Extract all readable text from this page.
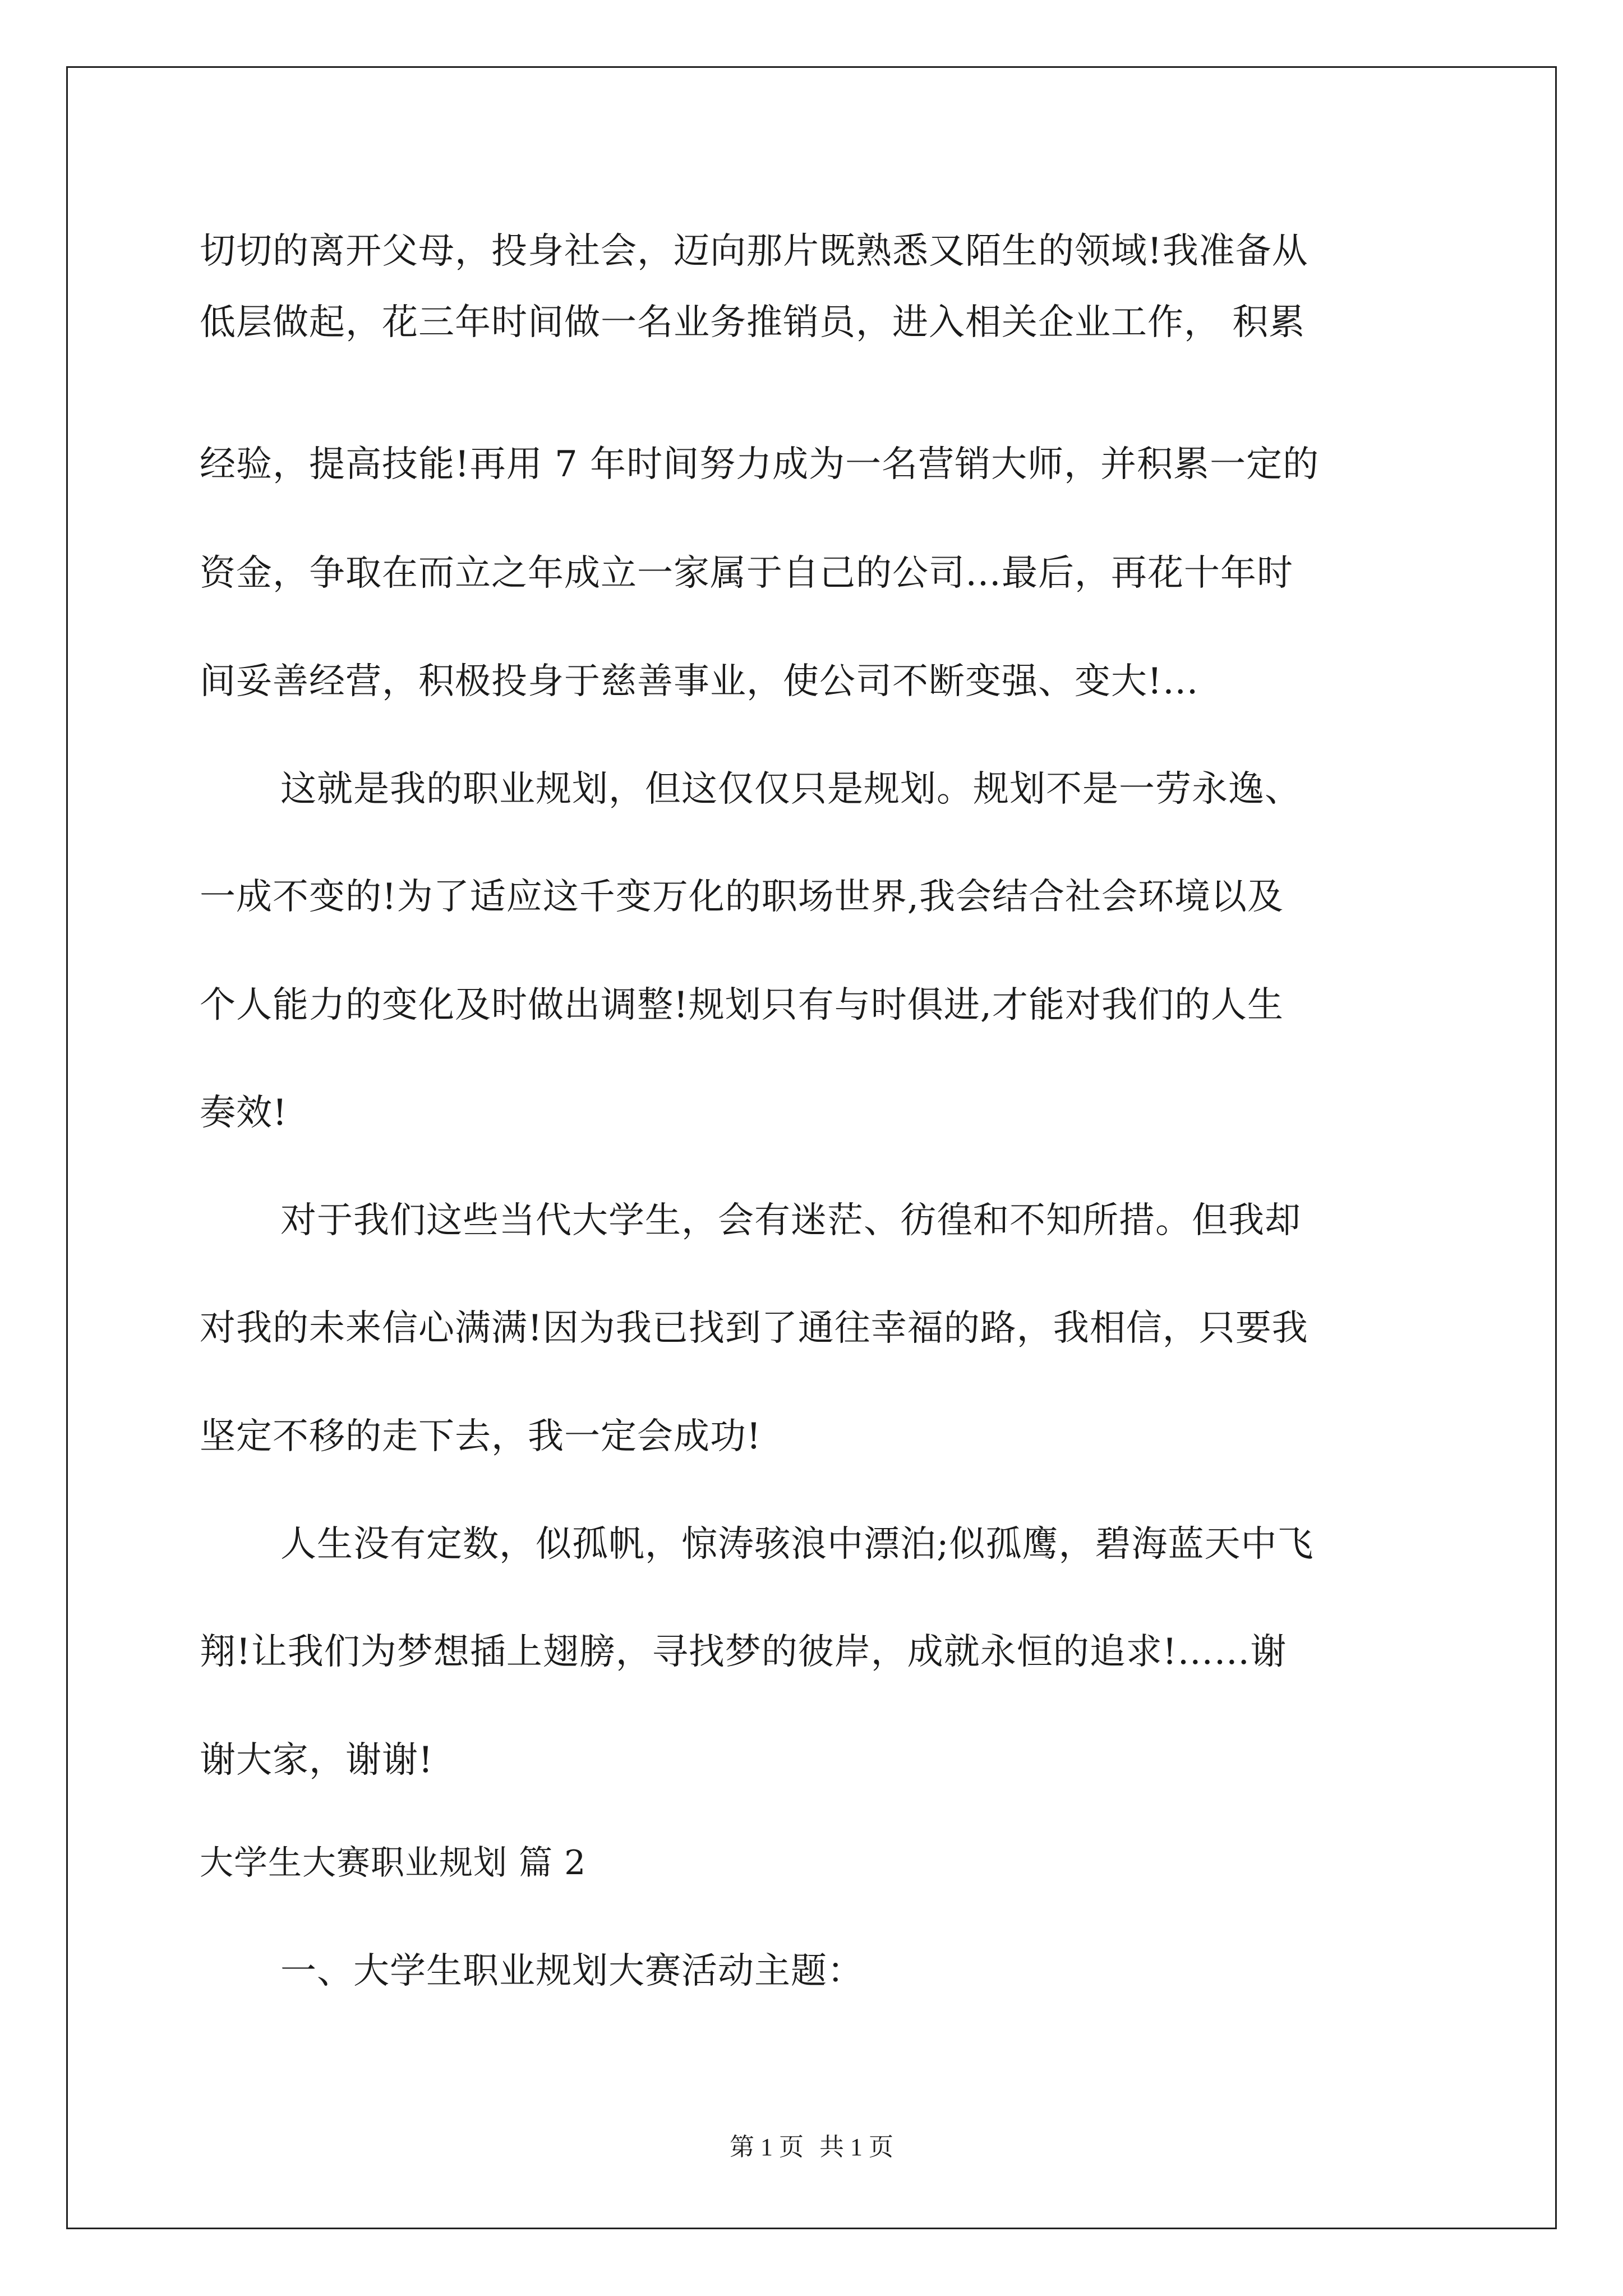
切切的离开父母，投身社会，迈向那片既熟悉又陌生的领域!我准备从
低层做起，花三年时间做一名业务推销员，进入相关企业工作， 积累
经验，提高技能!再用 7 年时间努力成为一名营销大师，并积累一定的
资金，争取在而立之年成立一家属于自己的公司…最后，再花十年时
间妥善经营，积极投身于慈善事业，使公司不断变强、变大!…
这就是我的职业规划，但这仅仅只是规划。规划不是一劳永逸、
一成不变的!为了适应这千变万化的职场世界,我会结合社会环境以及
个人能力的变化及时做出调整!规划只有与时俱进,才能对我们的人生
奏效!
对于我们这些当代大学生，会有迷茫、彷徨和不知所措。但我却
对我的未来信心满满!因为我已找到了通往幸福的路，我相信，只要我
坚定不移的走下去，我一定会成功!
人生没有定数，似孤帆，惊涛骇浪中漂泊;似孤鹰，碧海蓝天中飞
翔!让我们为梦想插上翅膀，寻找梦的彼岸，成就永恒的追求!……谢
谢大家，谢谢!
大学生大赛职业规划 篇 2
一、大学生职业规划大赛活动主题：
第 1 页 共 1 页
